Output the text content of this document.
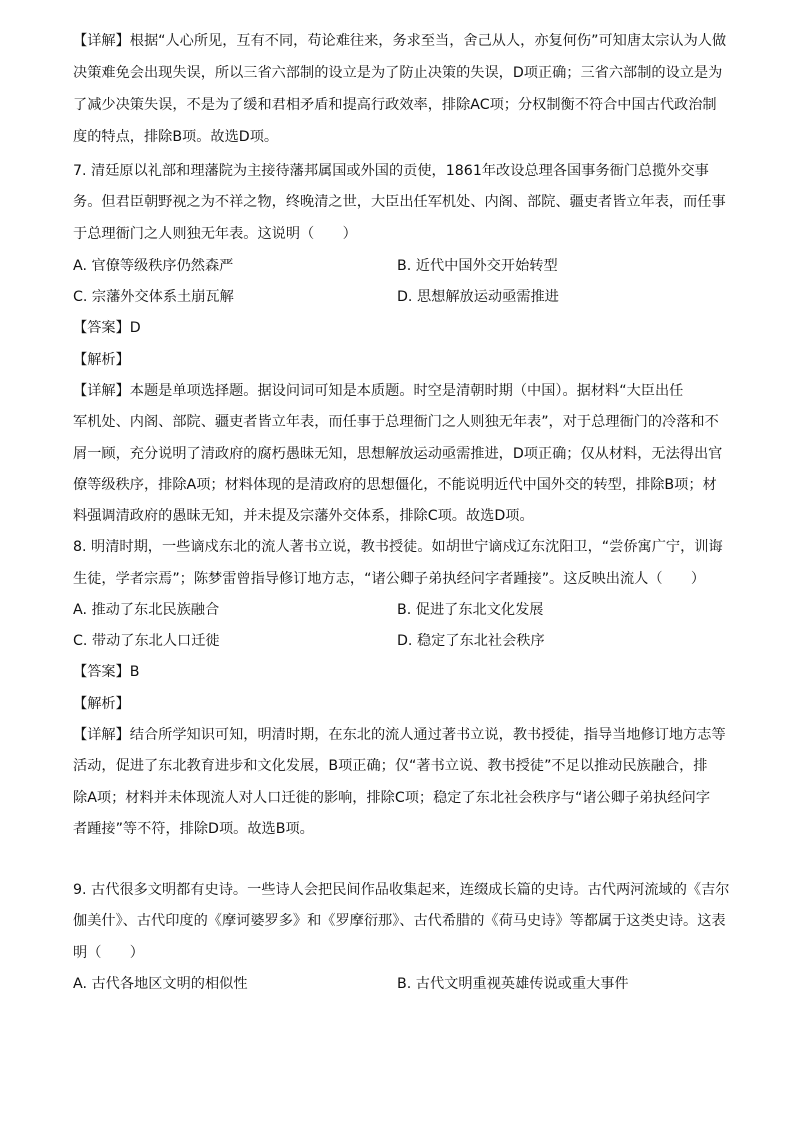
【详解】根据“人心所见，互有不同，苟论难往来，务求至当，舍己从人，亦复何伤”可知唐太宗认为人做
决策难免会出现失误，所以三省六部制的设立是为了防止决策的失误，D项正确；三省六部制的设立是为
了减少决策失误，不是为了缓和君相矛盾和提高行政效率，排除AC项；分权制衡不符合中国古代政治制
度的特点，排除B项。故选D项。
7. 清廷原以礼部和理藩院为主接待藩邦属国或外国的贡使，1861年改设总理各国事务衙门总揽外交事
务。但君臣朝野视之为不祥之物，终晚清之世，大臣出任军机处、内阁、部院、疆吏者皆立年表，而任事
于总理衙门之人则独无年表。这说明（　　）
A. 官僚等级秩序仍然森严	B. 近代中国外交开始转型
C. 宗藩外交体系土崩瓦解	D. 思想解放运动亟需推进
【答案】D
【解析】
【详解】本题是单项选择题。据设问词可知是本质题。时空是清朝时期（中国）。据材料“大臣出任
军机处、内阁、部院、疆吏者皆立年表，而任事于总理衙门之人则独无年表”，对于总理衙门的冷落和不
屑一顾，充分说明了清政府的腐朽愚昧无知，思想解放运动亟需推进，D项正确；仅从材料，无法得出官
僚等级秩序，排除A项；材料体现的是清政府的思想僵化，不能说明近代中国外交的转型，排除B项；材
料强调清政府的愚昧无知，并未提及宗藩外交体系，排除C项。故选D项。
8. 明清时期，一些谪戍东北的流人著书立说，教书授徒。如胡世宁谪戍辽东沈阳卫，“尝侨寓广宁，训诲
生徒，学者宗焉”；陈梦雷曾指导修订地方志，“诸公卿子弟执经问字者踵接”。这反映出流人（　　）
A. 推动了东北民族融合	B. 促进了东北文化发展
C. 带动了东北人口迁徙	D. 稳定了东北社会秩序
【答案】B
【解析】
【详解】结合所学知识可知，明清时期，在东北的流人通过著书立说，教书授徒，指导当地修订地方志等
活动，促进了东北教育进步和文化发展，B项正确；仅“著书立说、教书授徒”不足以推动民族融合，排
除A项；材料并未体现流人对人口迁徙的影响，排除C项；稳定了东北社会秩序与“诸公卿子弟执经问字
者踵接”等不符，排除D项。故选B项。
9. 古代很多文明都有史诗。一些诗人会把民间作品收集起来，连缀成长篇的史诗。古代两河流域的《吉尔
伽美什》、古代印度的《摩诃婆罗多》和《罗摩衍那》、古代希腊的《荷马史诗》等都属于这类史诗。这表
明（　　）
A. 古代各地区文明的相似性	B. 古代文明重视英雄传说或重大事件
